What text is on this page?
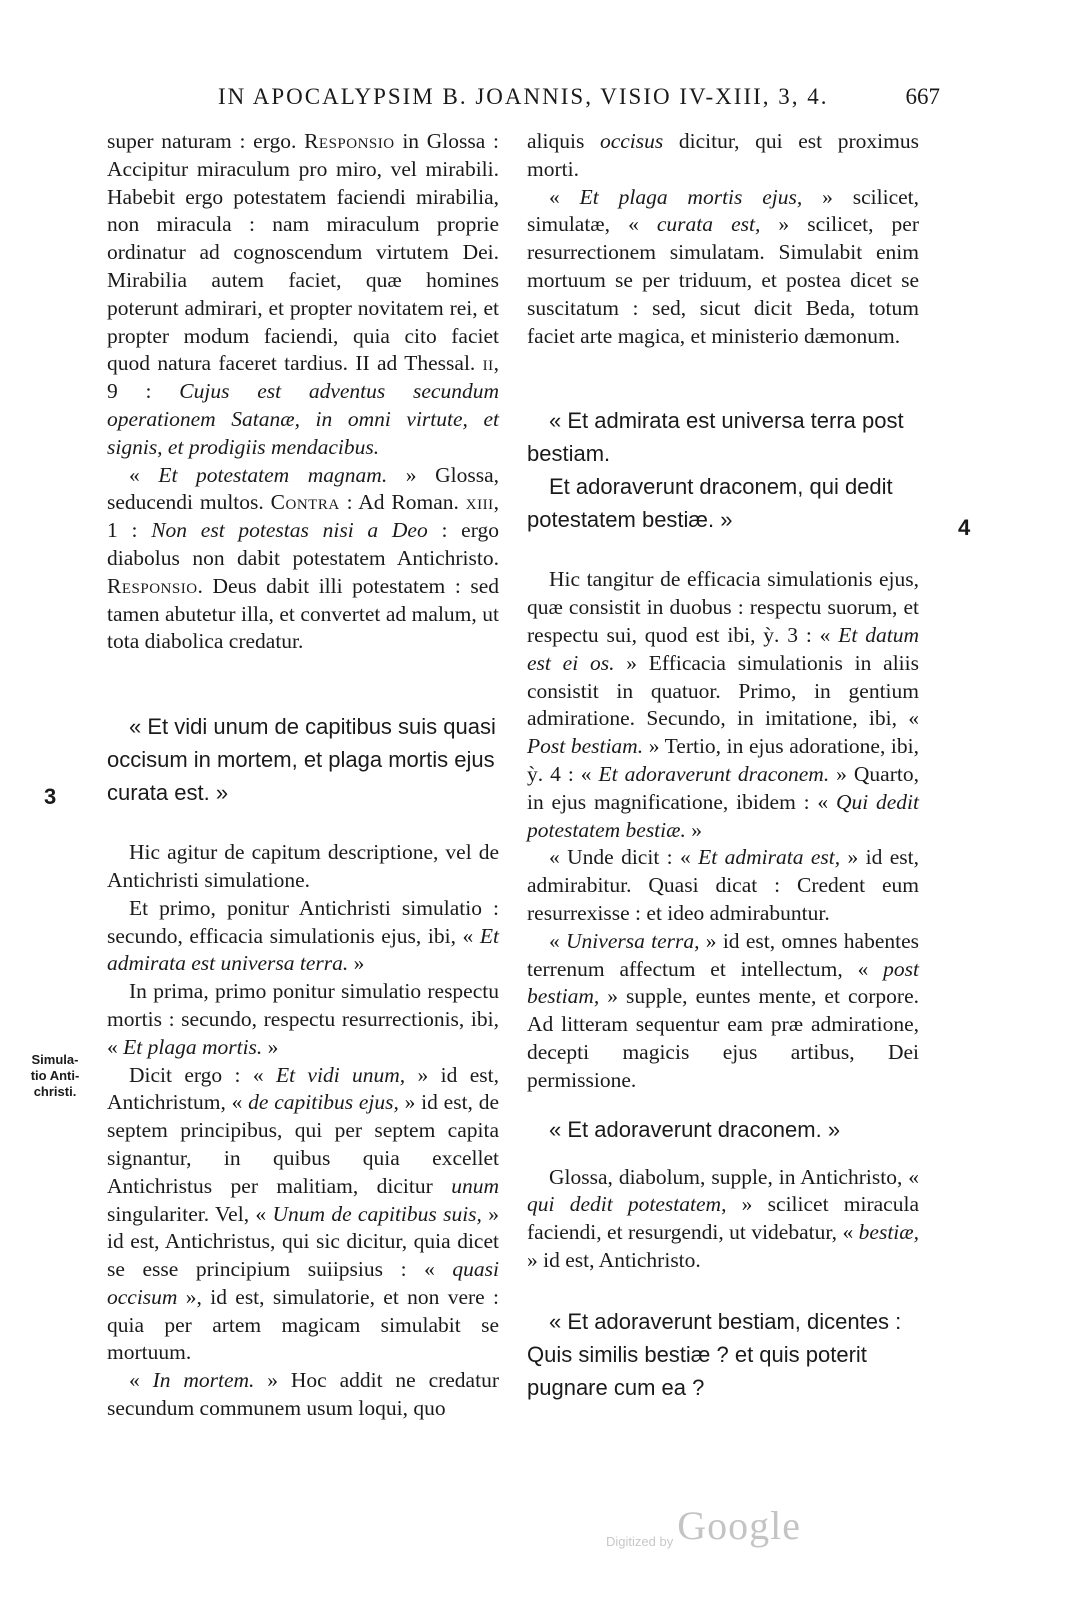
IN APOCALYPSIM B. JOANNIS, VISIO IV-XIII, 3, 4.	667
3
4
Simula-
tio Anti-
christi.

super naturam : ergo. Responsio in Glossa : Accipitur miraculum pro miro, vel mirabili. Habebit ergo potestatem faciendi mirabilia, non miracula : nam miraculum proprie ordinatur ad cognoscendum virtutem Dei. Mirabilia autem faciet, quæ homines poterunt admirari, et propter novitatem rei, et propter modum faciendi, quia cito faciet quod natura faceret tardius. II ad Thessal. ii, 9 : Cujus est adventus secundum operationem Satanæ, in omni virtute, et signis, et prodigiis mendacibus.

« Et potestatem magnam. » Glossa, seducendi multos. Contra : Ad Roman. xiii, 1 : Non est potestas nisi a Deo : ergo diabolus non dabit potestatem Antichristo. Responsio. Deus dabit illi potestatem : sed tamen abutetur illa, et convertet ad malum, ut tota diabolica credatur.

« Et vidi unum de capitibus suis quasi occisum in mortem, et plaga mortis ejus curata est. »

Hic agitur de capitum descriptione, vel de Antichristi simulatione.

Et primo, ponitur Antichristi simulatio : secundo, efficacia simulationis ejus, ibi, « Et admirata est universa terra. »

In prima, primo ponitur simulatio respectu mortis : secundo, respectu resurrectionis, ibi, « Et plaga mortis. »

Dicit ergo : « Et vidi unum, » id est, Antichristum, « de capitibus ejus, » id est, de septem principibus, qui per septem capita signantur, in quibus quia excellet Antichristus per malitiam, dicitur unum singulariter. Vel, « Unum de capitibus suis, » id est, Antichristus, qui sic dicitur, quia dicet se esse principium suiipsius : « quasi occisum », id est, simulatorie, et non vere : quia per artem magicam simulabit se mortuum.

« In mortem. » Hoc addit ne credatur secundum communem usum loqui, quo

aliquis occisus dicitur, qui est proximus morti.

« Et plaga mortis ejus, » scilicet, simulatæ, « curata est, » scilicet, per resurrectionem simulatam. Simulabit enim mortuum se per triduum, et postea dicet se suscitatum : sed, sicut dicit Beda, totum faciet arte magica, et ministerio dæmonum.

« Et admirata est universa terra post bestiam.

Et adoraverunt draconem, qui dedit potestatem bestiæ. »

Hic tangitur de efficacia simulationis ejus, quæ consistit in duobus : respectu suorum, et respectu sui, quod est ibi, ỳ. 3 : « Et datum est ei os. » Efficacia simulationis in aliis consistit in quatuor. Primo, in gentium admiratione. Secundo, in imitatione, ibi, « Post bestiam. » Tertio, in ejus adoratione, ibi, ỳ. 4 : « Et adoraverunt draconem. » Quarto, in ejus magnificatione, ibidem : « Qui dedit potestatem bestiæ. »

« Unde dicit : « Et admirata est, » id est, admirabitur. Quasi dicat : Credent eum resurrexisse : et ideo admirabuntur.

« Universa terra, » id est, omnes habentes terrenum affectum et intellectum, « post bestiam, » supple, euntes mente, et corpore. Ad litteram sequentur eam præ admiratione, decepti magicis ejus artibus, Dei permissione.

« Et adoraverunt draconem. »

Glossa, diabolum, supple, in Antichristo, « qui dedit potestatem, » scilicet miracula faciendi, et resurgendi, ut videbatur, « bestiæ, » id est, Antichristo.

« Et adoraverunt bestiam, dicentes : Quis similis bestiæ ? et quis poterit pugnare cum ea ?

Digitized by Google
